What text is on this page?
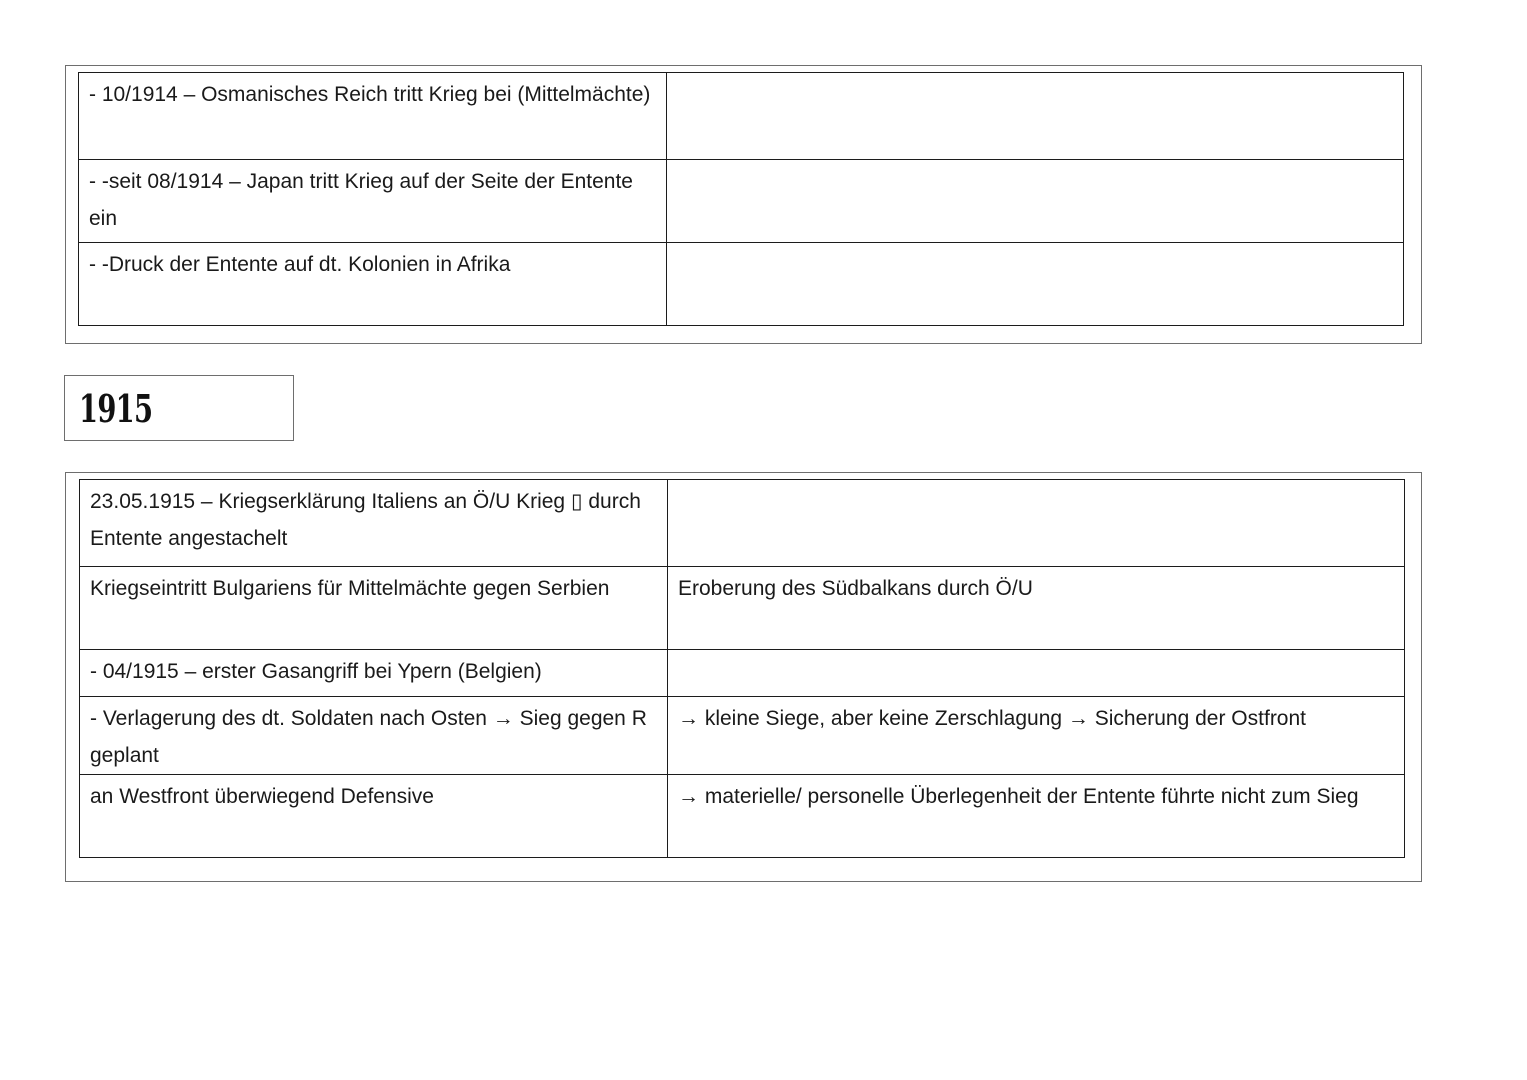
- 10/1914 – Osmanisches Reich tritt Krieg bei (Mittelmächte)	
- -seit 08/1914 – Japan tritt Krieg auf der Seite der Entente ein	
- -Druck der Entente auf dt. Kolonien in Afrika	
1915
23.05.1915 – Kriegserklärung Italiens an Ö/U Krieg ▯ durch Entente angestachelt	
Kriegseintritt Bulgariens für Mittelmächte gegen Serbien	Eroberung des Südbalkans durch Ö/U
- 04/1915 – erster Gasangriff bei Ypern (Belgien)	
- Verlagerung des dt. Soldaten nach Osten → Sieg gegen R geplant	→ kleine Siege, aber keine Zerschlagung → Sicherung der Ostfront
an Westfront überwiegend Defensive	→ materielle/ personelle Überlegenheit der Entente führte nicht zum Sieg
